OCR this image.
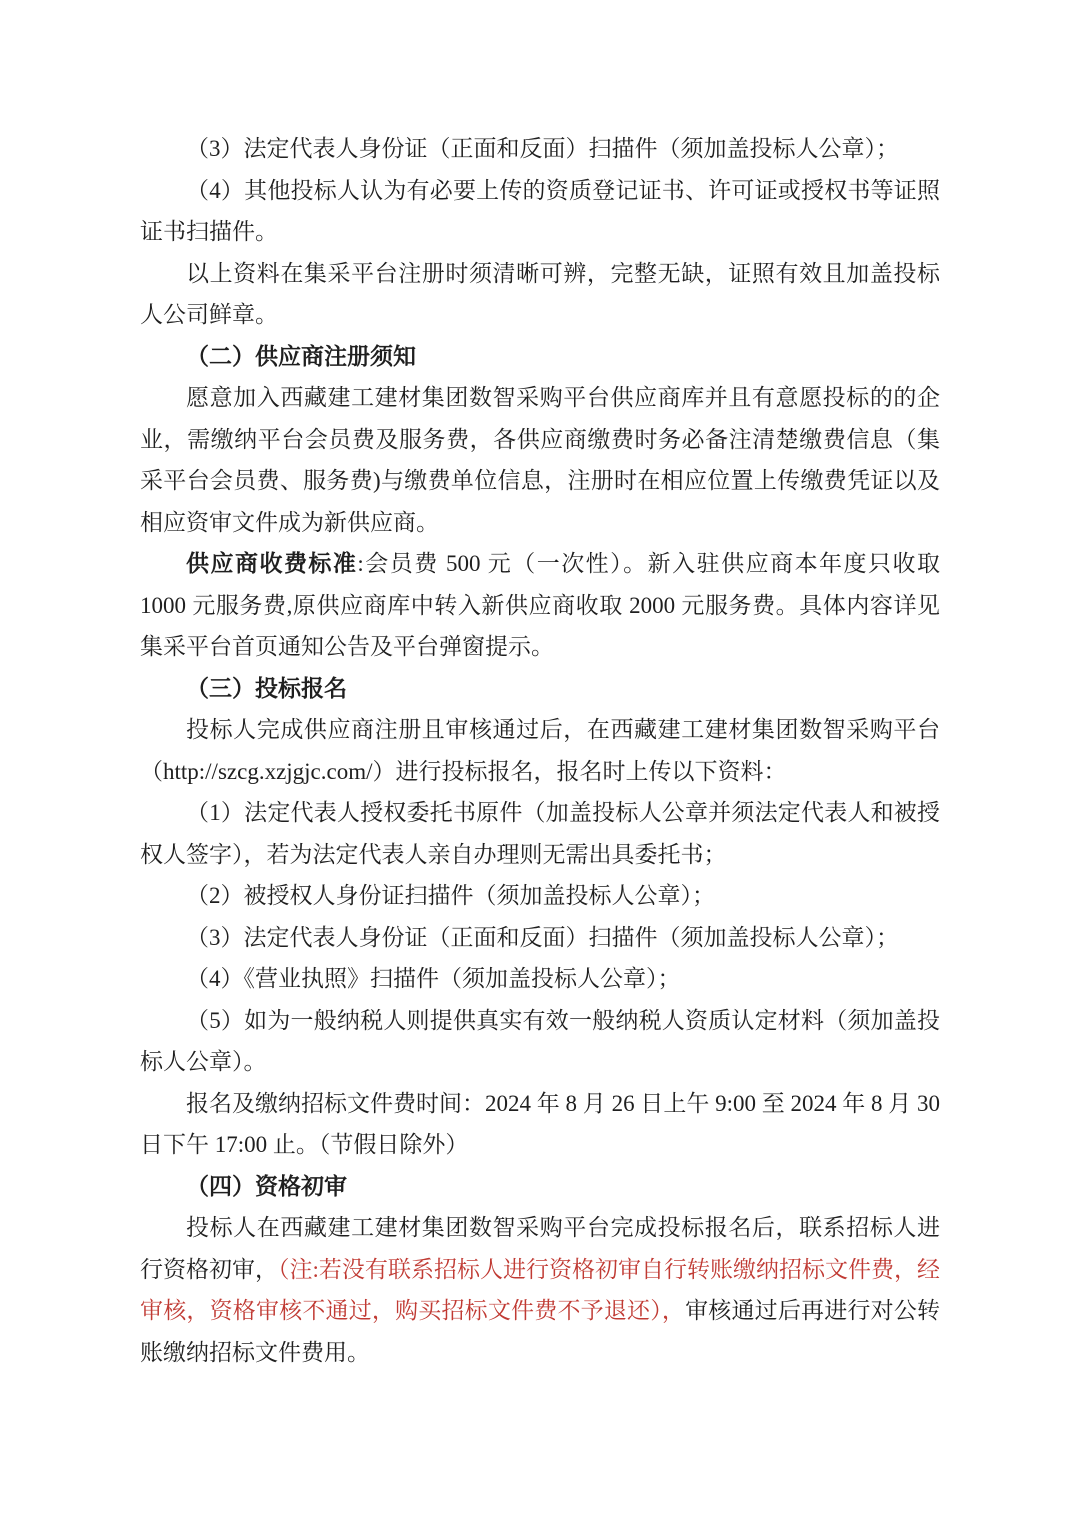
（3）法定代表人身份证（正面和反面）扫描件（须加盖投标人公章）；

（4）其他投标人认为有必要上传的资质登记证书、许可证或授权书等证照证书扫描件。

以上资料在集采平台注册时须清晰可辨，完整无缺，证照有效且加盖投标人公司鲜章。

（二）供应商注册须知

愿意加入西藏建工建材集团数智采购平台供应商库并且有意愿投标的的企业，需缴纳平台会员费及服务费，各供应商缴费时务必备注清楚缴费信息（集采平台会员费、服务费)与缴费单位信息，注册时在相应位置上传缴费凭证以及相应资审文件成为新供应商。

供应商收费标准:会员费 500 元（一次性）。新入驻供应商本年度只收取 1000 元服务费,原供应商库中转入新供应商收取 2000 元服务费。具体内容详见集采平台首页通知公告及平台弹窗提示。

（三）投标报名

投标人完成供应商注册且审核通过后，在西藏建工建材集团数智采购平台（http://szcg.xzjgjc.com/）进行投标报名，报名时上传以下资料：

（1）法定代表人授权委托书原件（加盖投标人公章并须法定代表人和被授权人签字），若为法定代表人亲自办理则无需出具委托书；

（2）被授权人身份证扫描件（须加盖投标人公章）；

（3）法定代表人身份证（正面和反面）扫描件（须加盖投标人公章）；

（4）《营业执照》扫描件（须加盖投标人公章）；

（5）如为一般纳税人则提供真实有效一般纳税人资质认定材料（须加盖投标人公章）。

报名及缴纳招标文件费时间：2024 年 8 月 26 日上午 9:00 至 2024 年 8 月 30 日下午 17:00 止。（节假日除外）

（四）资格初审

投标人在西藏建工建材集团数智采购平台完成投标报名后，联系招标人进行资格初审，（注:若没有联系招标人进行资格初审自行转账缴纳招标文件费，经审核，资格审核不通过，购买招标文件费不予退还），审核通过后再进行对公转账缴纳招标文件费用。
